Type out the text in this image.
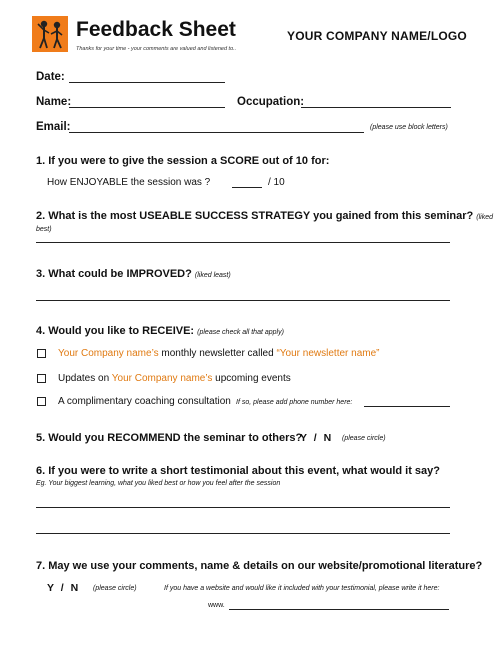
Feedback Sheet
Thanks for your time - your comments are valued and listened to..
YOUR COMPANY NAME/LOGO
Date:
Name:	Occupation:
Email:	(please use block letters)
1. If you were to give the session a SCORE out of 10 for:
How ENJOYABLE the session was ?	/ 10
2. What is the most USEABLE SUCCESS STRATEGY you gained from this seminar? (liked best)
3. What could be IMPROVED? (liked least)
4. Would you like to RECEIVE: (please check all that apply)
Your Company name’s monthly newsletter called “Your newsletter name”
Updates on Your Company name’s upcoming events
A complimentary coaching consultation If so, please add phone number here:
5. Would you RECOMMEND the seminar to others?
Y / N (please circle)
6. If you were to write a short testimonial about this event, what would it say?
Eg. Your biggest learning, what you liked best or how you feel after the session
7. May we use your comments, name & details on our website/promotional literature?
Y / N (please circle)	If you have a website and would like it included with your testimonial, please write it here:
www.
